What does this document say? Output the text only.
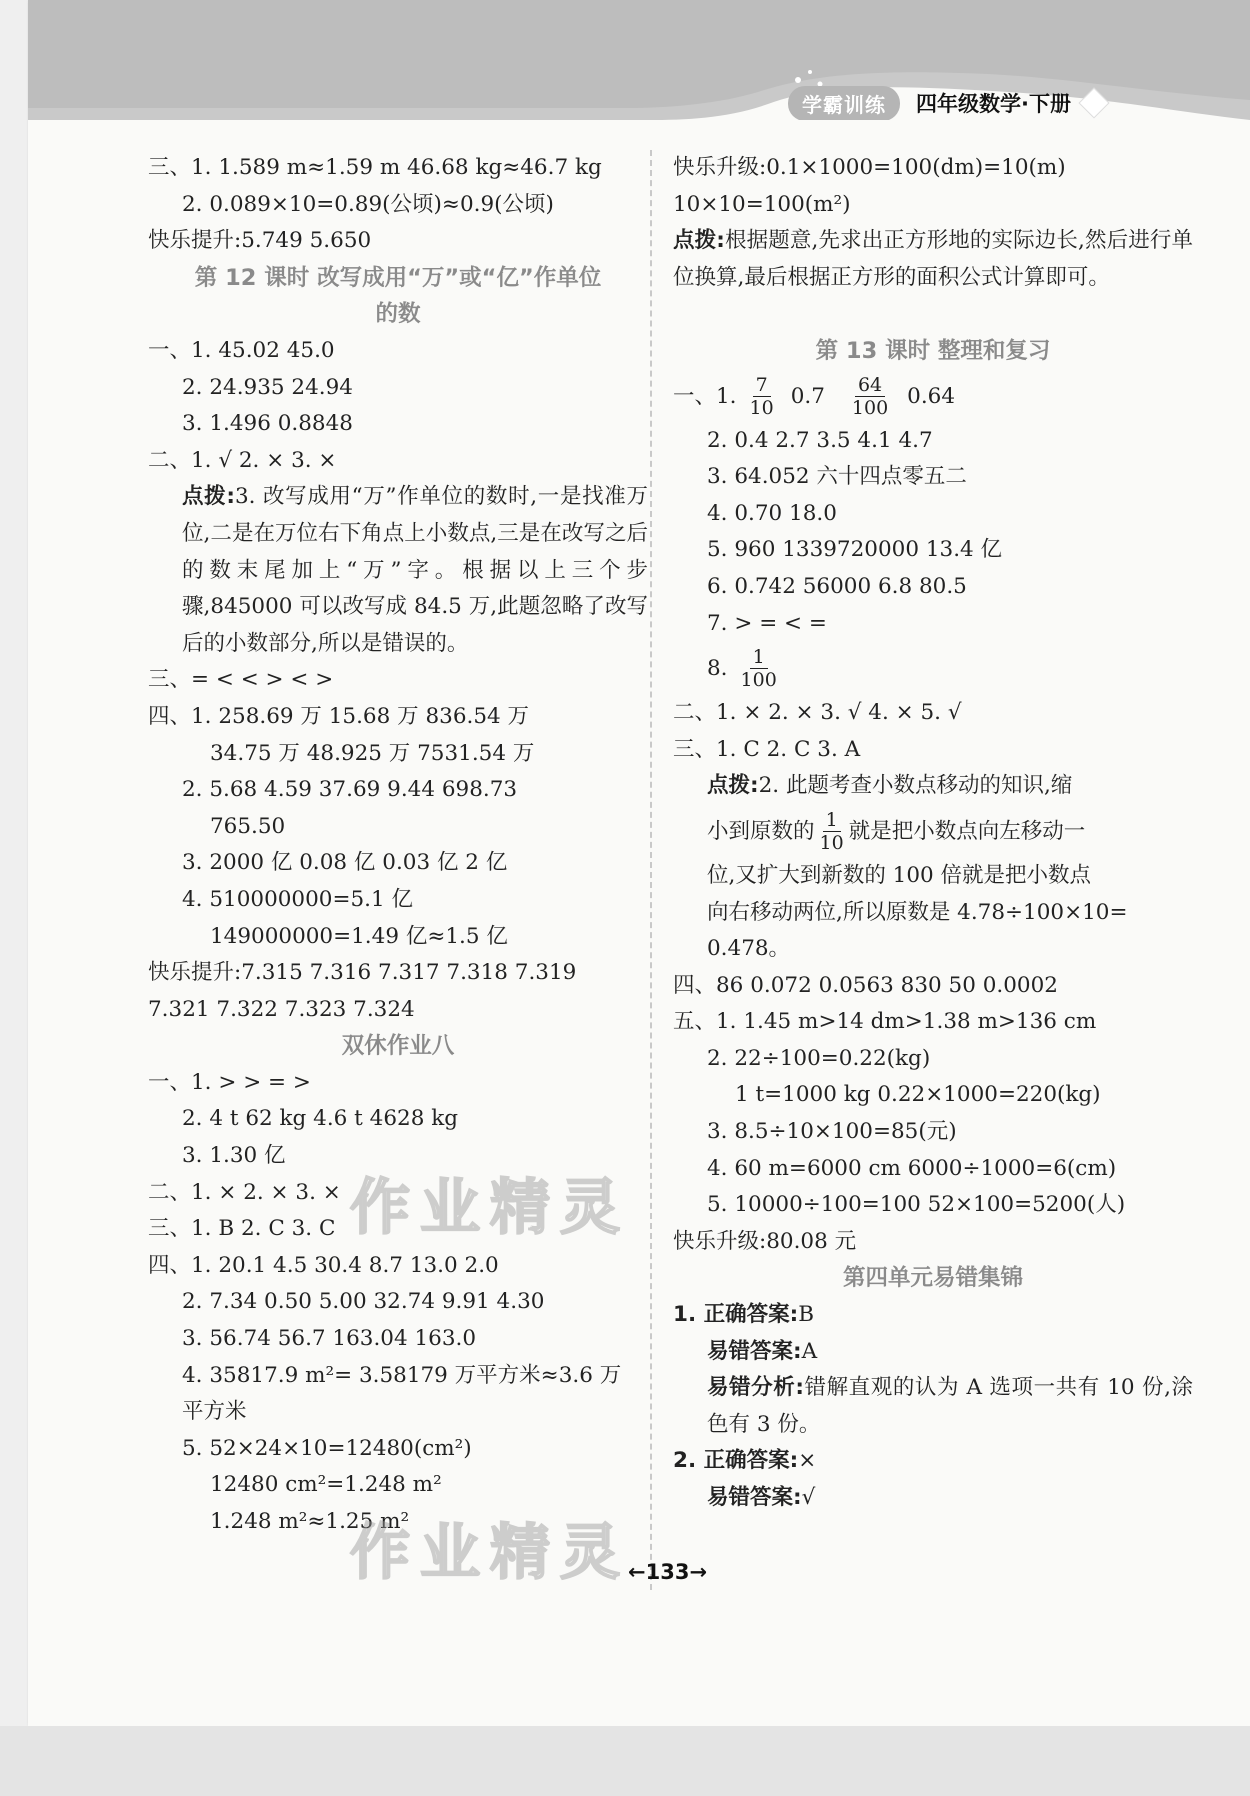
学霸训练	四年级数学·下册
三、1. 1.589 m≈1.59 m 46.68 kg≈46.7 kg
2. 0.089×10=0.89(公顷)≈0.9(公顷)
快乐提升:5.749 5.650
第 12 课时 改写成用“万”或“亿”作单位
的数
一、1. 45.02 45.0
2. 24.935 24.94
3. 1.496 0.8848
二、1. √ 2. × 3. ×
点拨:3. 改写成用“万”作单位的数时,一是找准万位,二是在万位右下角点上小数点,三是在改写之后的数末尾加上“万”字。根据以上三个步骤,845000 可以改写成 84.5 万,此题忽略了改写后的小数部分,所以是错误的。
三、= < < > < >
四、1. 258.69 万 15.68 万 836.54 万
34.75 万 48.925 万 7531.54 万
2. 5.68 4.59 37.69 9.44 698.73
765.50
3. 2000 亿 0.08 亿 0.03 亿 2 亿
4. 510000000=5.1 亿
149000000=1.49 亿≈1.5 亿
快乐提升:7.315 7.316 7.317 7.318 7.319
7.321 7.322 7.323 7.324
双休作业八
一、1. > > = >
2. 4 t 62 kg 4.6 t 4628 kg
3. 1.30 亿
二、1. × 2. × 3. ×
三、1. B 2. C 3. C
四、1. 20.1 4.5 30.4 8.7 13.0 2.0
2. 7.34 0.50 5.00 32.74 9.91 4.30
3. 56.74 56.7 163.04 163.0
4. 35817.9 m²= 3.58179 万平方米≈3.6 万
平方米
5. 52×24×10=12480(cm²)
12480 cm²=1.248 m²
1.248 m²≈1.25 m²
快乐升级:0.1×1000=100(dm)=10(m)
10×10=100(m²)
点拨:根据题意,先求出正方形地的实际边长,然后进行单位换算,最后根据正方形的面积公式计算即可。
第 13 课时 整理和复习
一、1. $\frac{7}{10} 0.7 \frac{64}{100} 0.64$
2. 0.4 2.7 3.5 4.1 4.7
3. 64.052 六十四点零五二
4. 0.70 18.0
5. 960 1339720000 13.4 亿
6. 0.742 56000 6.8 80.5
7. > = < =
8. $\frac{1}{100}$
二、1. × 2. × 3. √ 4. × 5. √
三、1. C 2. C 3. A
点拨:2. 此题考查小数点移动的知识,缩
小到原数的 $\frac{1}{10}$ 就是把小数点向左移动一
位,又扩大到新数的 100 倍就是把小数点
向右移动两位,所以原数是 4.78÷100×10=
0.478。
四、86 0.072 0.0563 830 50 0.0002
五、1. 1.45 m>14 dm>1.38 m>136 cm
2. 22÷100=0.22(kg)
1 t=1000 kg 0.22×1000=220(kg)
3. 8.5÷10×100=85(元)
4. 60 m=6000 cm 6000÷1000=6(cm)
5. 10000÷100=100 52×100=5200(人)
快乐升级:80.08 元
第四单元易错集锦
1. 正确答案:B
易错答案:A
易错分析:错解直观的认为 A 选项一共有 10 份,涂色有 3 份。
2. 正确答案:×
易错答案:√
作业精灵
作业精灵
←133→
